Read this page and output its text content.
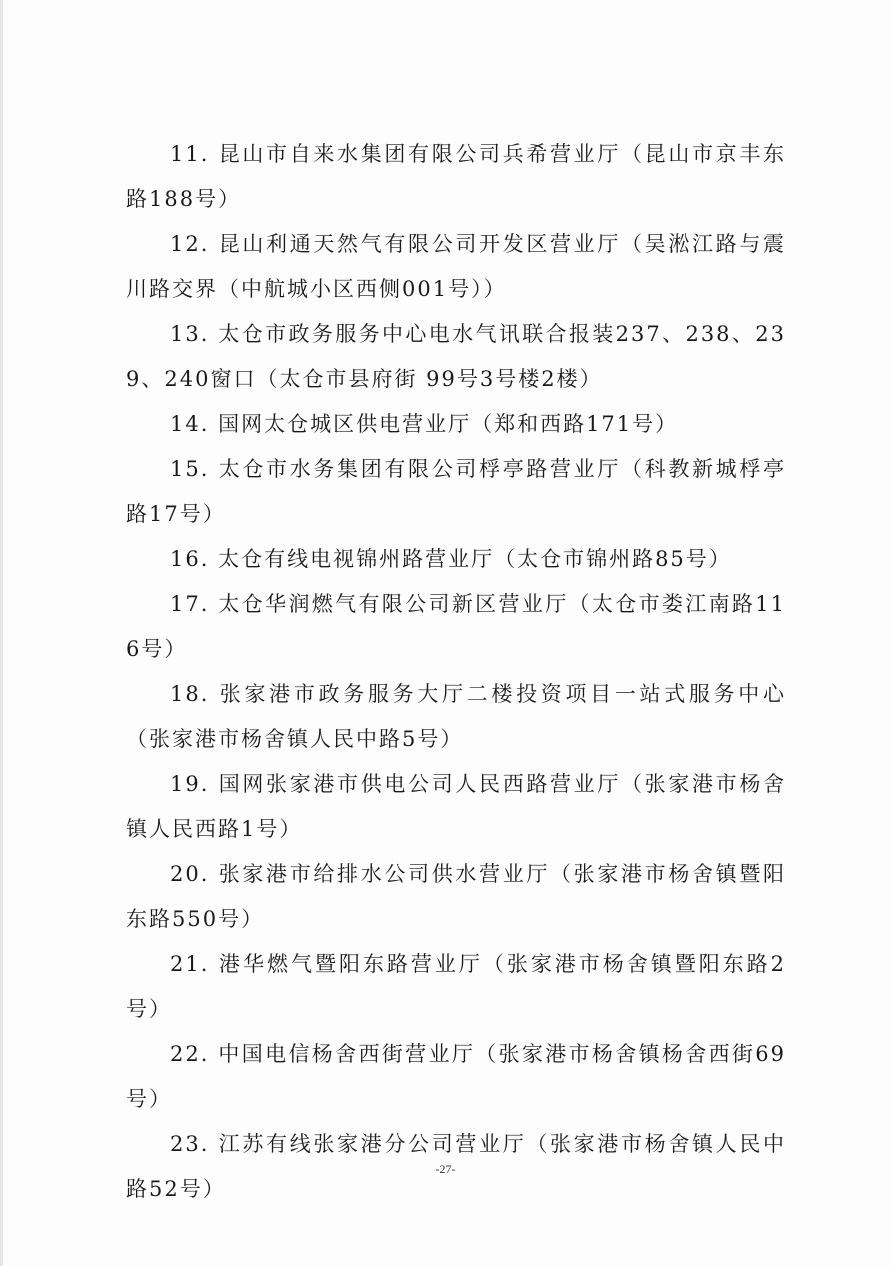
11. 昆山市自来水集团有限公司兵希营业厅（昆山市京丰东路188号）

12. 昆山利通天然气有限公司开发区营业厅（吴淞江路与震川路交界（中航城小区西侧001号））

13. 太仓市政务服务中心电水气讯联合报装237、238、239、240窗口（太仓市县府街 99号3号楼2楼）

14. 国网太仓城区供电营业厅（郑和西路171号）

15. 太仓市水务集团有限公司桴亭路营业厅（科教新城桴亭路17号）

16. 太仓有线电视锦州路营业厅（太仓市锦州路85号）

17. 太仓华润燃气有限公司新区营业厅（太仓市娄江南路116号）

18. 张家港市政务服务大厅二楼投资项目一站式服务中心（张家港市杨舍镇人民中路5号）

19. 国网张家港市供电公司人民西路营业厅（张家港市杨舍镇人民西路1号）

20. 张家港市给排水公司供水营业厅（张家港市杨舍镇暨阳东路550号）

21. 港华燃气暨阳东路营业厅（张家港市杨舍镇暨阳东路2号）

22. 中国电信杨舍西街营业厅（张家港市杨舍镇杨舍西街69号）

23. 江苏有线张家港分公司营业厅（张家港市杨舍镇人民中路52号）

-27-
